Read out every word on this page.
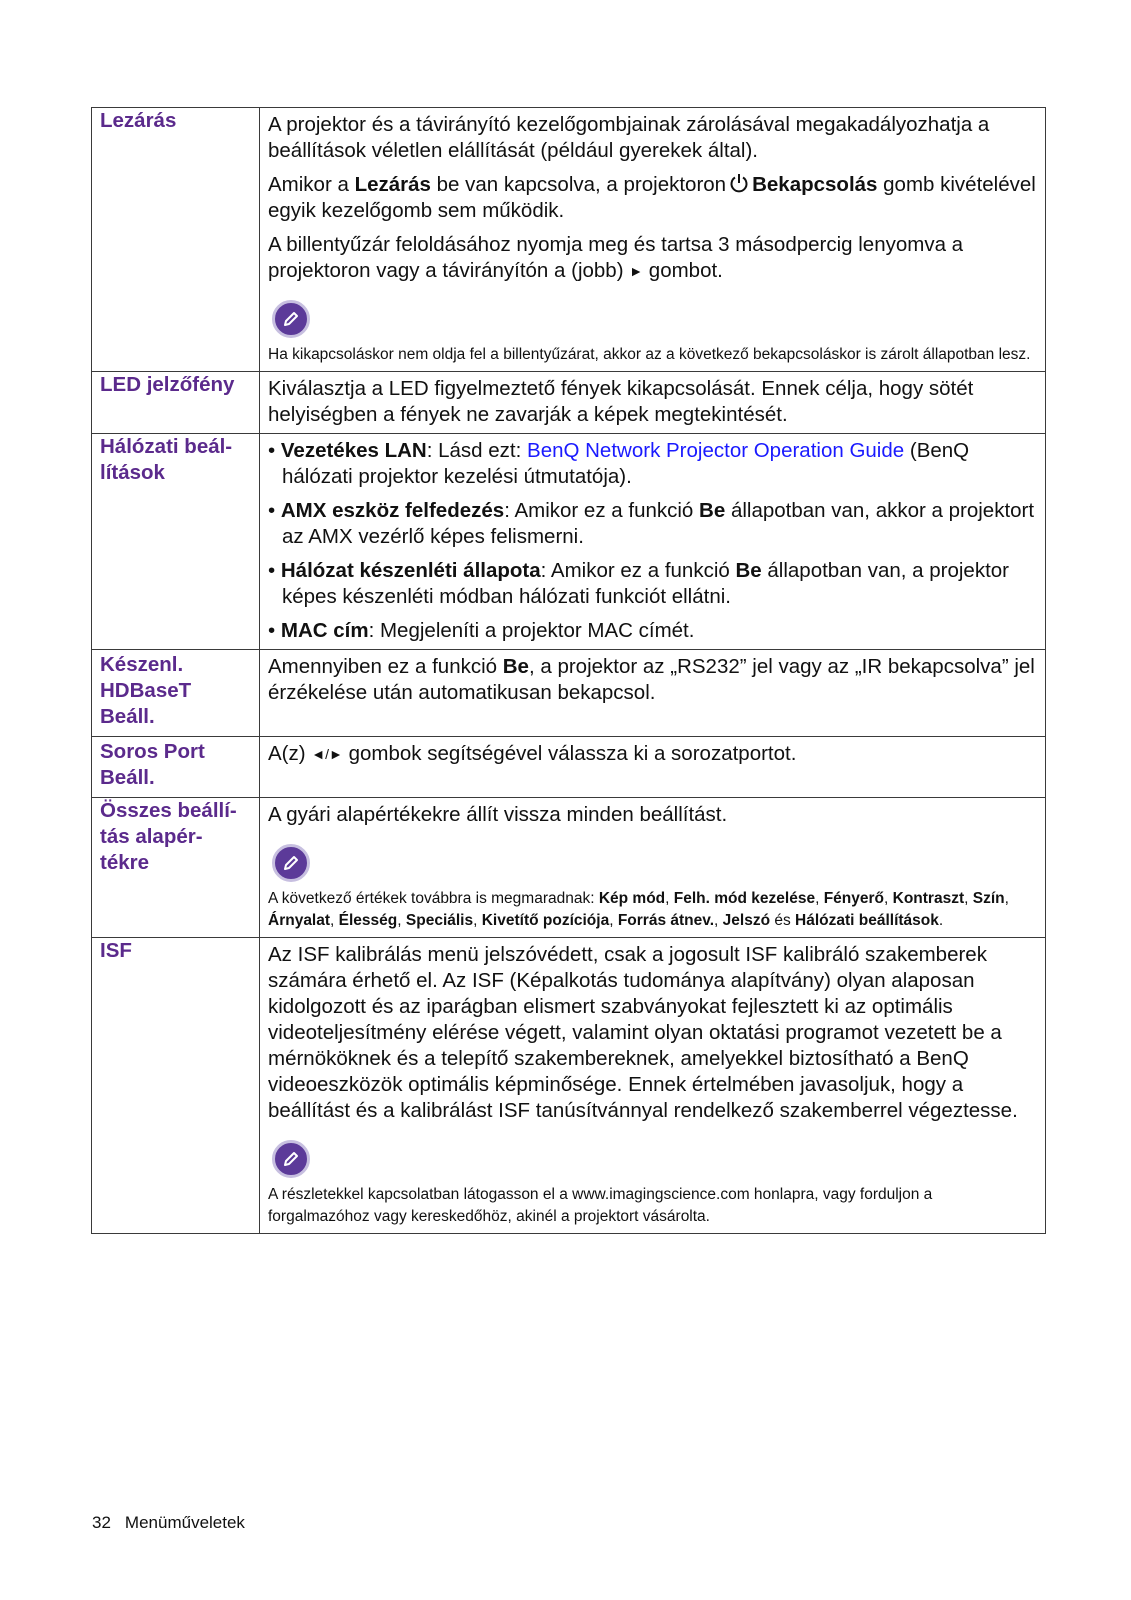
Lezárás	A projektor és a távirányító kezelőgombjainak zárolásával megakadályozhatja a beállítások véletlen elállítását (például gyerekek által).
Amikor a Lezárás be van kapcsolva, a projektoron Bekapcsolás gomb kivételével egyik kezelőgomb sem működik.
A billentyűzár feloldásához nyomja meg és tartsa 3 másodpercig lenyomva a projektoron vagy a távirányítón a (jobb) ► gombot.

Ha kikapcsoláskor nem oldja fel a billentyűzárat, akkor az a következő bekapcsoláskor is zárolt állapotban lesz.

LED jelzőfény	Kiválasztja a LED figyelmeztető fények kikapcsolását. Ennek célja, hogy sötét helyiségben a fények ne zavarják a képek megtekintését.

Hálózati beál-lítások	• Vezetékes LAN: Lásd ezt: BenQ Network Projector Operation Guide (BenQ hálózati projektor kezelési útmutatója).
• AMX eszköz felfedezés: Amikor ez a funkció Be állapotban van, akkor a projektort az AMX vezérlő képes felismerni.
• Hálózat készenléti állapota: Amikor ez a funkció Be állapotban van, a projektor képes készenléti módban hálózati funkciót ellátni.
• MAC cím: Megjeleníti a projektor MAC címét.

Készenl. HDBaseT Beáll.	Amennyiben ez a funkció Be, a projektor az „RS232” jel vagy az „IR bekapcsolva” jel érzékelése után automatikusan bekapcsol.

Soros Port Beáll.	A(z) ◄/► gombok segítségével válassza ki a sorozatportot.

Összes beállí-tás alapér-tékre	A gyári alapértékekre állít vissza minden beállítást.

A következő értékek továbbra is megmaradnak: Kép mód, Felh. mód kezelése, Fényerő, Kontraszt, Szín, Árnyalat, Élesség, Speciális, Kivetítő pozíciója, Forrás átnev., Jelszó és Hálózati beállítások.

ISF	Az ISF kalibrálás menü jelszóvédett, csak a jogosult ISF kalibráló szakemberek számára érhető el. Az ISF (Képalkotás tudománya alapítvány) olyan alaposan kidolgozott és az iparágban elismert szabványokat fejlesztett ki az optimális videoteljesítmény elérése végett, valamint olyan oktatási programot vezetett be a mérnököknek és a telepítő szakembereknek, amelyekkel biztosítható a BenQ videoeszközök optimális képminősége. Ennek értelmében javasoljuk, hogy a beállítást és a kalibrálást ISF tanúsítvánnyal rendelkező szakemberrel végeztesse.

A részletekkel kapcsolatban látogasson el a www.imagingscience.com honlapra, vagy forduljon a forgalmazóhoz vagy kereskedőhöz, akinél a projektort vásárolta.

32 Menüműveletek
